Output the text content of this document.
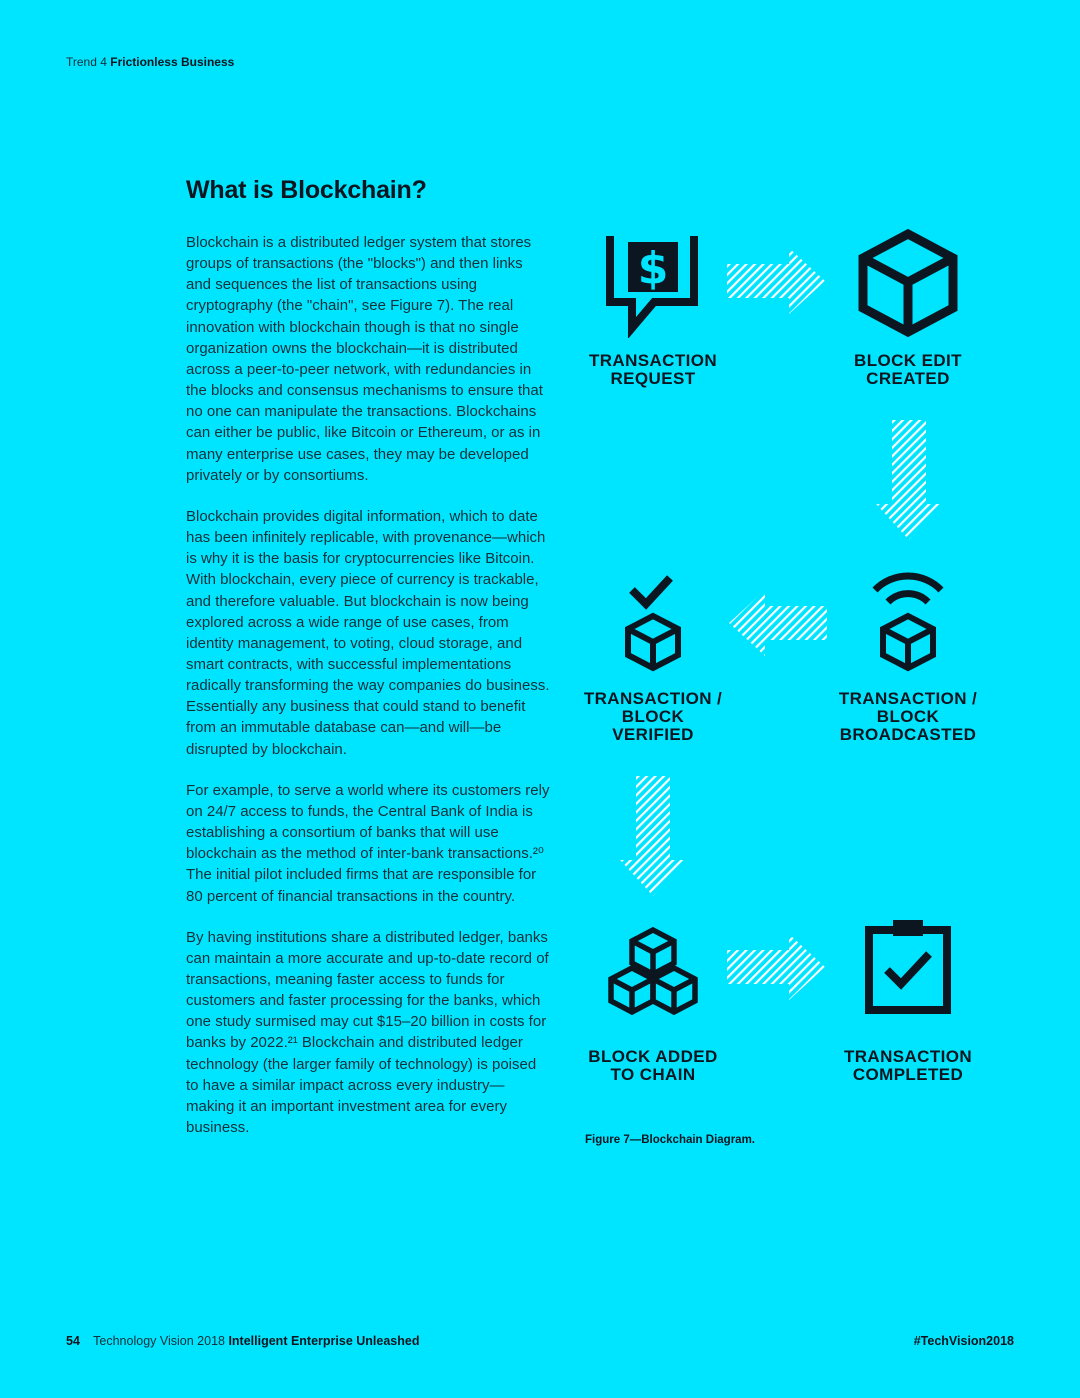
Trend 4 Frictionless Business
What is Blockchain?

Blockchain is a distributed ledger system that stores groups of transactions (the "blocks") and then links and sequences the list of transactions using cryptography (the "chain", see Figure 7). The real innovation with blockchain though is that no single organization owns the blockchain—it is distributed across a peer-to-peer network, with redundancies in the blocks and consensus mechanisms to ensure that no one can manipulate the transactions. Blockchains can either be public, like Bitcoin or Ethereum, or as in many enterprise use cases, they may be developed privately or by consortiums.

Blockchain provides digital information, which to date has been infinitely replicable, with provenance—which is why it is the basis for cryptocurrencies like Bitcoin. With blockchain, every piece of currency is trackable, and therefore valuable. But blockchain is now being explored across a wide range of use cases, from identity management, to voting, cloud storage, and smart contracts, with successful implementations radically transforming the way companies do business. Essentially any business that could stand to benefit from an immutable database can—and will—be disrupted by blockchain.

For example, to serve a world where its customers rely on 24/7 access to funds, the Central Bank of India is establishing a consortium of banks that will use blockchain as the method of inter-bank transactions.²⁰ The initial pilot included firms that are responsible for 80 percent of financial transactions in the country.

By having institutions share a distributed ledger, banks can maintain a more accurate and up-to-date record of transactions, meaning faster access to funds for customers and faster processing for the banks, which one study surmised may cut $15–20 billion in costs for banks by 2022.²¹ Blockchain and distributed ledger technology (the larger family of technology) is poised to have a similar impact across every industry—making it an important investment area for every business.

$
TRANSACTION
REQUEST
BLOCK EDIT
CREATED
TRANSACTION /
BLOCK
BROADCASTED
TRANSACTION /
BLOCK
VERIFIED
BLOCK ADDED
TO CHAIN
TRANSACTION
COMPLETED
Figure 7—Blockchain Diagram.
54 Technology Vision 2018 Intelligent Enterprise Unleashed	#TechVision2018
